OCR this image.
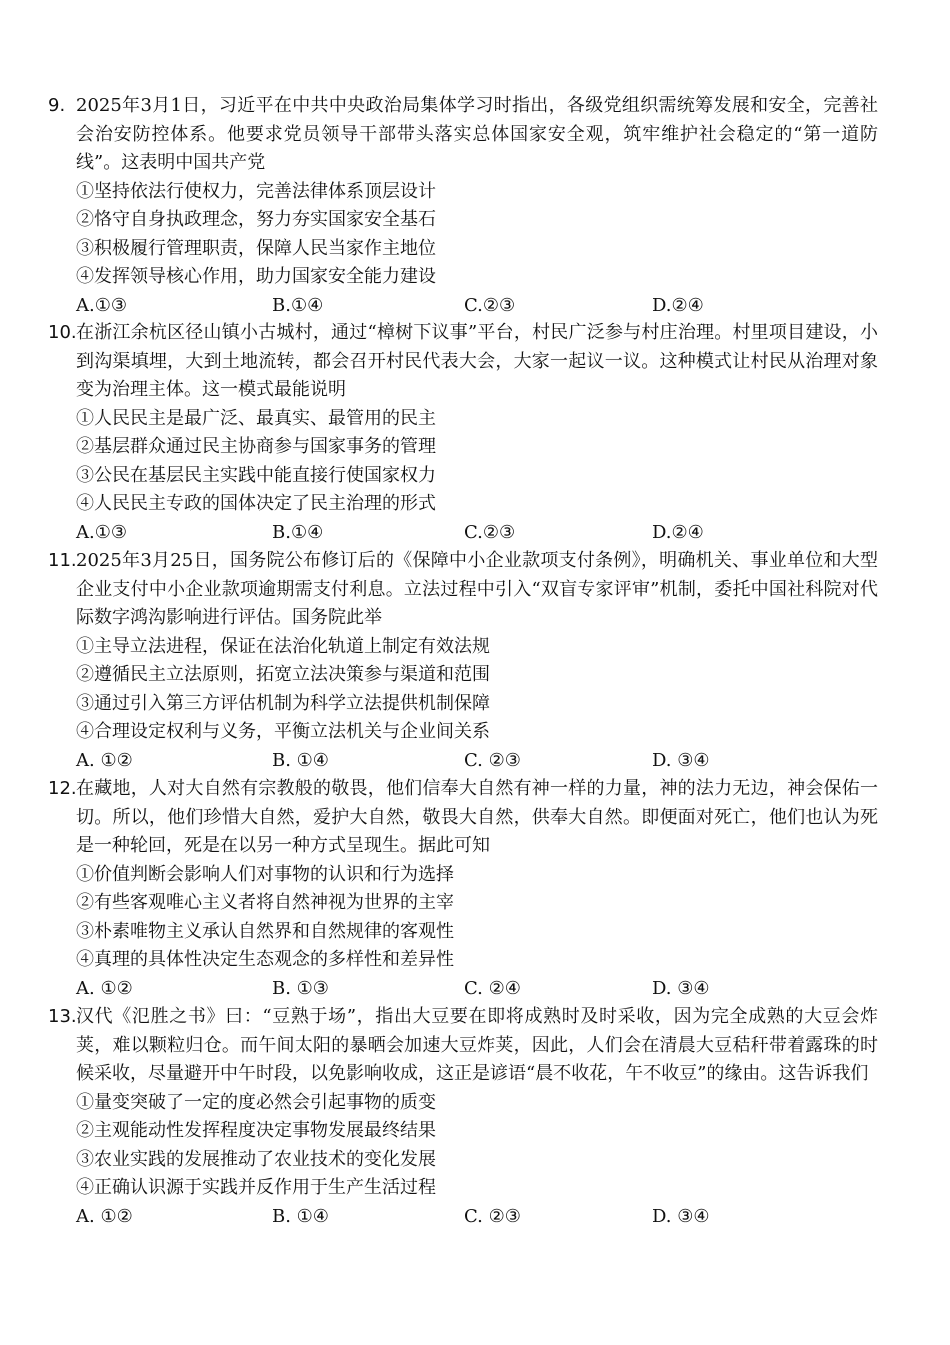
9. 2025年3月1日，习近平在中共中央政治局集体学习时指出，各级党组织需统筹发展和安全，完善社会治安防控体系。他要求党员领导干部带头落实总体国家安全观，筑牢维护社会稳定的“第一道防线”。这表明中国共产党
①坚持依法行使权力，完善法律体系顶层设计
②恪守自身执政理念，努力夯实国家安全基石
③积极履行管理职责，保障人民当家作主地位
④发挥领导核心作用，助力国家安全能力建设
A.①③	B.①④	C.②③	D.②④
10. 在浙江余杭区径山镇小古城村，通过“樟树下议事”平台，村民广泛参与村庄治理。村里项目建设，小到沟渠填埋，大到土地流转，都会召开村民代表大会，大家一起议一议。这种模式让村民从治理对象变为治理主体。这一模式最能说明
①人民民主是最广泛、最真实、最管用的民主
②基层群众通过民主协商参与国家事务的管理
③公民在基层民主实践中能直接行使国家权力
④人民民主专政的国体决定了民主治理的形式
A.①③	B.①④	C.②③	D.②④
11. 2025年3月25日，国务院公布修订后的《保障中小企业款项支付条例》，明确机关、事业单位和大型企业支付中小企业款项逾期需支付利息。立法过程中引入“双盲专家评审”机制，委托中国社科院对代际数字鸿沟影响进行评估。国务院此举
①主导立法进程，保证在法治化轨道上制定有效法规
②遵循民主立法原则，拓宽立法决策参与渠道和范围
③通过引入第三方评估机制为科学立法提供机制保障
④合理设定权利与义务，平衡立法机关与企业间关系
A. ①②	B. ①④	C. ②③	D. ③④
12. 在藏地，人对大自然有宗教般的敬畏，他们信奉大自然有神一样的力量，神的法力无边，神会保佑一切。所以，他们珍惜大自然，爱护大自然，敬畏大自然，供奉大自然。即便面对死亡，他们也认为死是一种轮回，死是在以另一种方式呈现生。据此可知
①价值判断会影响人们对事物的认识和行为选择
②有些客观唯心主义者将自然神视为世界的主宰
③朴素唯物主义承认自然界和自然规律的客观性
④真理的具体性决定生态观念的多样性和差异性
A. ①②	B. ①③	C. ②④	D. ③④
13. 汉代《氾胜之书》曰：“豆熟于场”，指出大豆要在即将成熟时及时采收，因为完全成熟的大豆会炸荚，难以颗粒归仓。而午间太阳的暴晒会加速大豆炸荚，因此，人们会在清晨大豆秸秆带着露珠的时候采收，尽量避开中午时段，以免影响收成，这正是谚语“晨不收花，午不收豆”的缘由。这告诉我们
①量变突破了一定的度必然会引起事物的质变
②主观能动性发挥程度决定事物发展最终结果
③农业实践的发展推动了农业技术的变化发展
④正确认识源于实践并反作用于生产生活过程
A. ①②	B. ①④	C. ②③	D. ③④
